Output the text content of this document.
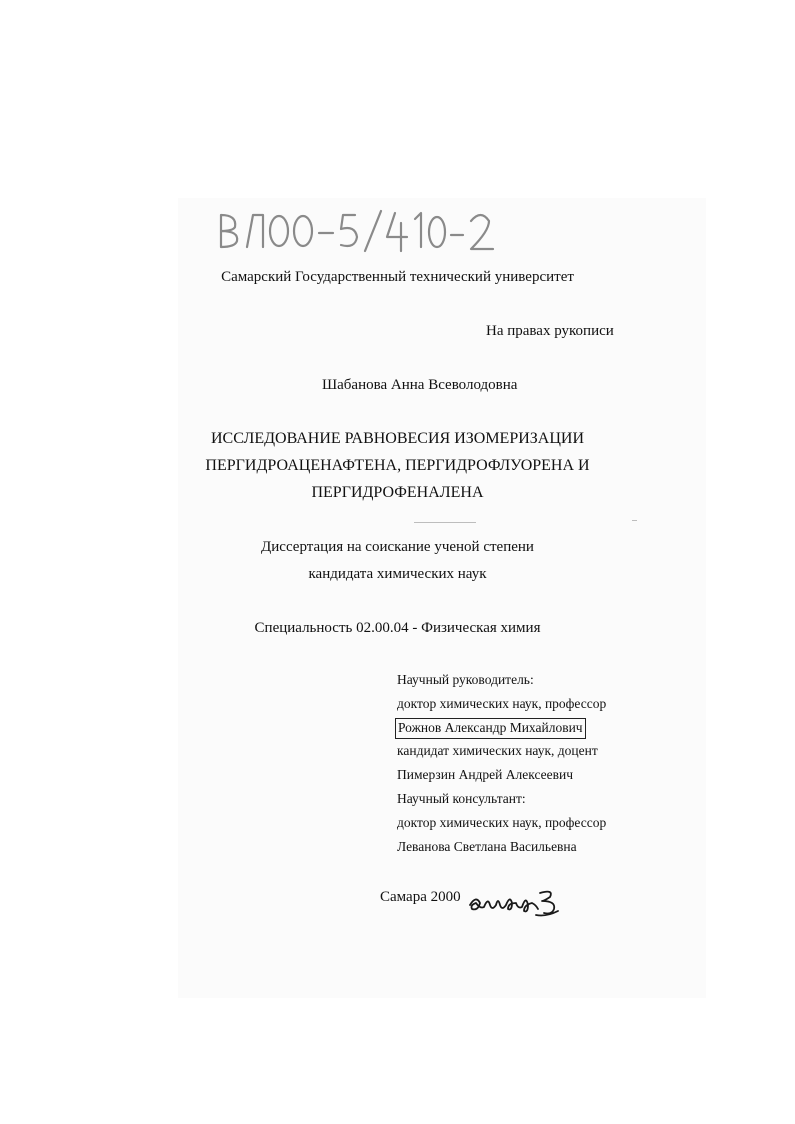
Самарский Государственный технический университет
На правах рукописи
Шабанова Анна Всеволодовна
ИССЛЕДОВАНИЕ РАВНОВЕСИЯ ИЗОМЕРИЗАЦИИ
ПЕРГИДРОАЦЕНАФТЕНА, ПЕРГИДРОФЛУОРЕНА И
ПЕРГИДРОФЕНАЛЕНА
Диссертация на соискание ученой степени
кандидата химических наук
Специальность 02.00.04 - Физическая химия
Научный руководитель:
доктор химических наук, профессор
Рожнов Александр Михайлович
кандидат химических наук, доцент
Пимерзин Андрей Алексеевич
Научный консультант:
доктор химических наук, профессор
Леванова Светлана Васильевна
Самара 2000
